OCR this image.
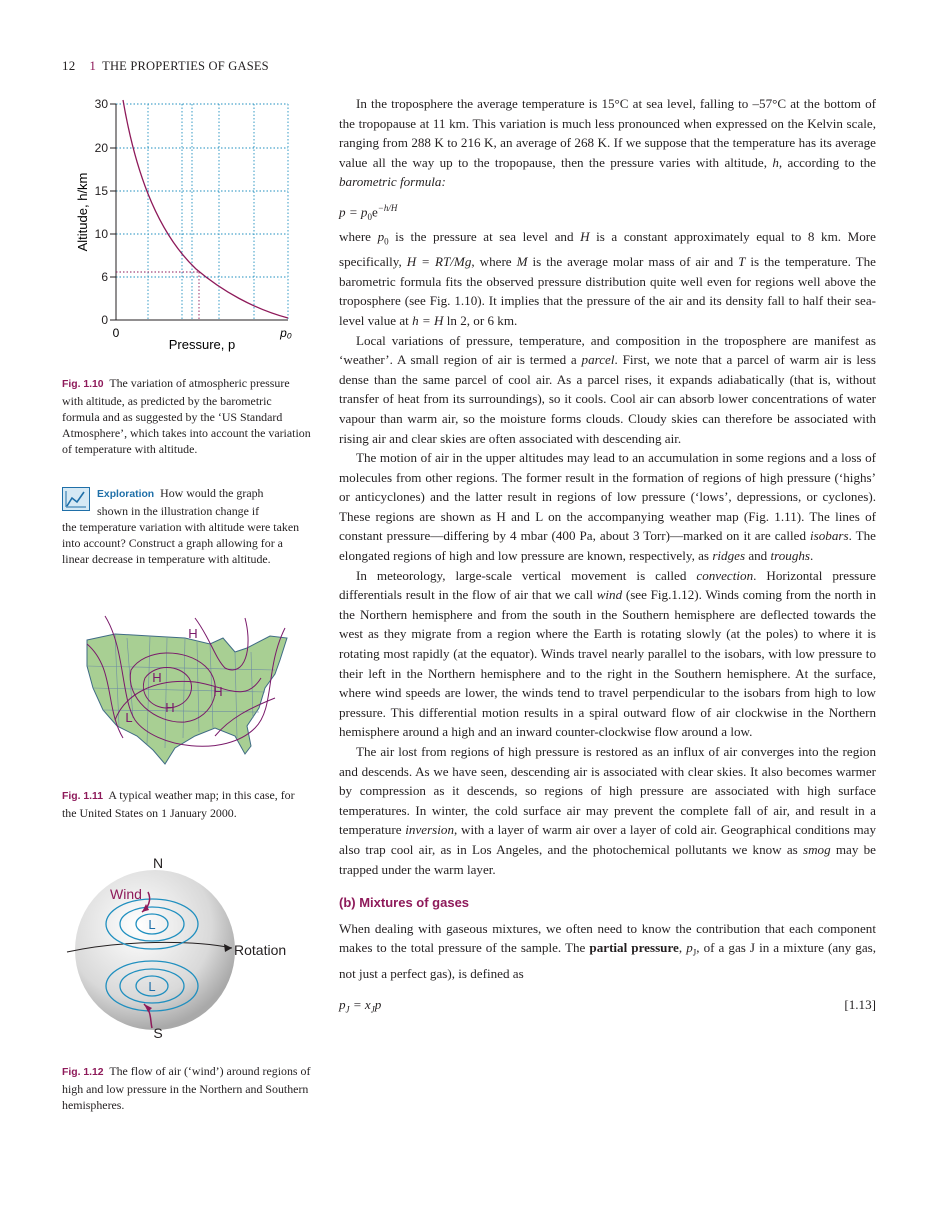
12 1 THE PROPERTIES OF GASES
30
20
15
10
6
0
0	p₀
Pressure, p
Altitude, h/km
Fig. 1.10 The variation of atmospheric pressure with altitude, as predicted by the barometric formula and as suggested by the ‘US Standard Atmosphere’, which takes into account the variation of temperature with altitude.
Exploration How would the graph
shown in the illustration change if
the temperature variation with altitude were taken into account? Construct a graph allowing for a linear decrease in temperature with altitude.
H
H
H
H
L
Fig. 1.11 A typical weather map; in this case, for the United States on 1 January 2000.
N
S
Wind
Rotation
L
L
Fig. 1.12 The flow of air (‘wind’) around regions of high and low pressure in the Northern and Southern hemispheres.

In the troposphere the average temperature is 15°C at sea level, falling to –57°C at the bottom of the tropopause at 11 km. This variation is much less pronounced when expressed on the Kelvin scale, ranging from 288 K to 216 K, an average of 268 K. If we suppose that the temperature has its average value all the way up to the tropopause, then the pressure varies with altitude, h, according to the barometric formula:

$p = p_0e^{-h/H}$

where $p_0$ is the pressure at sea level and H is a constant approximately equal to 8 km. More specifically, H = RT/Mg, where M is the average molar mass of air and T is the temperature. The barometric formula fits the observed pressure distribution quite well even for regions well above the troposphere (see Fig. 1.10). It implies that the pressure of the air and its density fall to half their sea-level value at h = H ln 2, or 6 km.

Local variations of pressure, temperature, and composition in the troposphere are manifest as ‘weather’. A small region of air is termed a parcel. First, we note that a parcel of warm air is less dense than the same parcel of cool air. As a parcel rises, it expands adiabatically (that is, without transfer of heat from its surroundings), so it cools. Cool air can absorb lower concentrations of water vapour than warm air, so the moisture forms clouds. Cloudy skies can therefore be associated with rising air and clear skies are often associated with descending air.

The motion of air in the upper altitudes may lead to an accumulation in some regions and a loss of molecules from other regions. The former result in the formation of regions of high pressure (‘highs’ or anticyclones) and the latter result in regions of low pressure (‘lows’, depressions, or cyclones). These regions are shown as H and L on the accompanying weather map (Fig. 1.11). The lines of constant pressure—differing by 4 mbar (400 Pa, about 3 Torr)—marked on it are called isobars. The elongated regions of high and low pressure are known, respectively, as ridges and troughs.

In meteorology, large-scale vertical movement is called convection. Horizontal pressure differentials result in the flow of air that we call wind (see Fig.1.12). Winds coming from the north in the Northern hemisphere and from the south in the Southern hemisphere are deflected towards the west as they migrate from a region where the Earth is rotating slowly (at the poles) to where it is rotating most rapidly (at the equator). Winds travel nearly parallel to the isobars, with low pressure to their left in the Northern hemisphere and to the right in the Southern hemisphere. At the surface, where wind speeds are lower, the winds tend to travel perpendicular to the isobars from high to low pressure. This differential motion results in a spiral outward flow of air clockwise in the Northern hemisphere around a high and an inward counter-clockwise flow around a low.

The air lost from regions of high pressure is restored as an influx of air converges into the region and descends. As we have seen, descending air is associated with clear skies. It also becomes warmer by compression as it descends, so regions of high pressure are associated with high surface temperatures. In winter, the cold surface air may prevent the complete fall of air, and result in a temperature inversion, with a layer of warm air over a layer of cold air. Geographical conditions may also trap cool air, as in Los Angeles, and the photochemical pollutants we know as smog may be trapped under the warm layer.

(b) Mixtures of gases

When dealing with gaseous mixtures, we often need to know the contribution that each component makes to the total pressure of the sample. The partial pressure, $p_J$, of a gas J in a mixture (any gas, not just a perfect gas), is defined as

$p_J = x_Jp$	[1.13]
